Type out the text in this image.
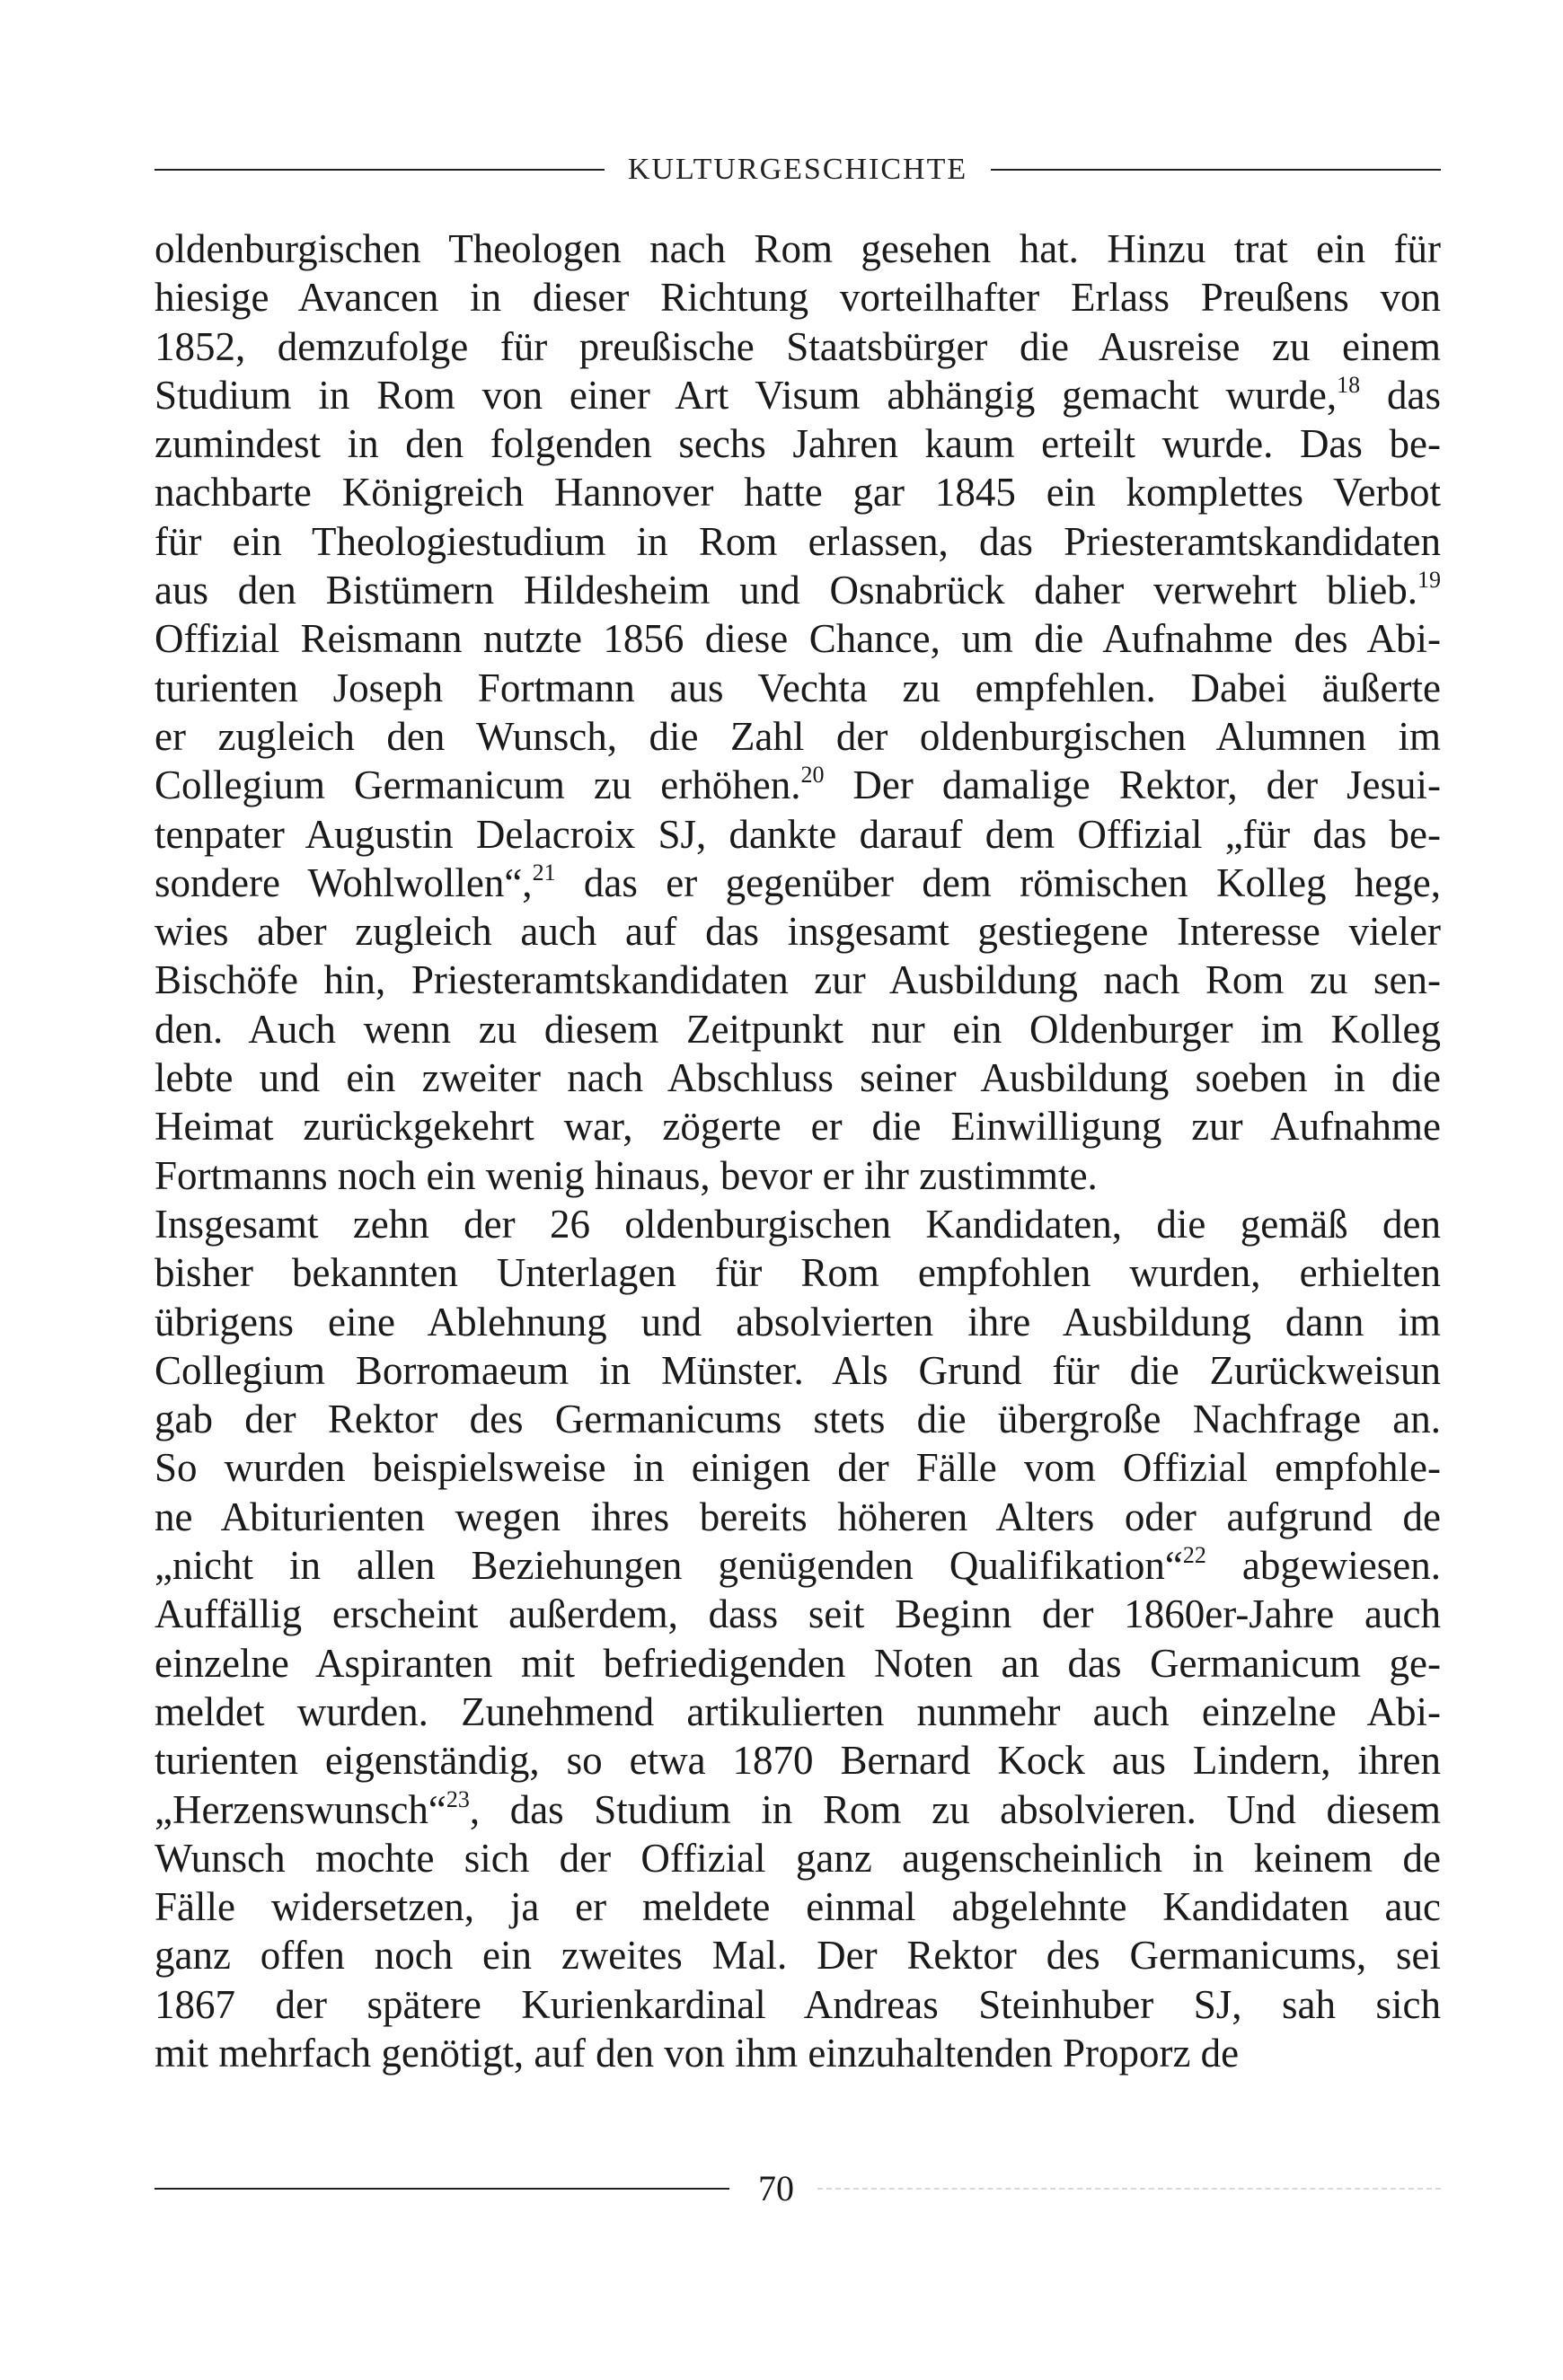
KULTURGESCHICHTE
oldenburgischen Theologen nach Rom gesehen hat. Hinzu trat ein für
hiesige Avancen in dieser Richtung vorteilhafter Erlass Preußens von
1852, demzufolge für preußische Staatsbürger die Ausreise zu einem
Studium in Rom von einer Art Visum abhängig gemacht wurde,$^{18}$ das
zumindest in den folgenden sechs Jahren kaum erteilt wurde. Das be-
nachbarte Königreich Hannover hatte gar 1845 ein komplettes Verbot
für ein Theologiestudium in Rom erlassen, das Priesteramtskandidaten
aus den Bistümern Hildesheim und Osnabrück daher verwehrt blieb.$^{19}$
Offizial Reismann nutzte 1856 diese Chance, um die Aufnahme des Abi-
turienten Joseph Fortmann aus Vechta zu empfehlen. Dabei äußerte
er zugleich den Wunsch, die Zahl der oldenburgischen Alumnen im
Collegium Germanicum zu erhöhen.$^{20}$ Der damalige Rektor, der Jesui-
tenpater Augustin Delacroix SJ, dankte darauf dem Offizial „für das be-
sondere Wohlwollen“,$^{21}$ das er gegenüber dem römischen Kolleg hege,
wies aber zugleich auch auf das insgesamt gestiegene Interesse vieler
Bischöfe hin, Priesteramtskandidaten zur Ausbildung nach Rom zu sen-
den. Auch wenn zu diesem Zeitpunkt nur ein Oldenburger im Kolleg
lebte und ein zweiter nach Abschluss seiner Ausbildung soeben in die
Heimat zurückgekehrt war, zögerte er die Einwilligung zur Aufnahme
Fortmanns noch ein wenig hinaus, bevor er ihr zustimmte.
Insgesamt zehn der 26 oldenburgischen Kandidaten, die gemäß den
bisher bekannten Unterlagen für Rom empfohlen wurden, erhielten
übrigens eine Ablehnung und absolvierten ihre Ausbildung dann im
Collegium Borromaeum in Münster. Als Grund für die Zurückweisun
gab der Rektor des Germanicums stets die übergroße Nachfrage an.
So wurden beispielsweise in einigen der Fälle vom Offizial empfohle-
ne Abiturienten wegen ihres bereits höheren Alters oder aufgrund de
„nicht in allen Beziehungen genügenden Qualifikation“$^{22}$ abgewiesen.
Auffällig erscheint außerdem, dass seit Beginn der 1860er-Jahre auch
einzelne Aspiranten mit befriedigenden Noten an das Germanicum ge-
meldet wurden. Zunehmend artikulierten nunmehr auch einzelne Abi-
turienten eigenständig, so etwa 1870 Bernard Kock aus Lindern, ihren
„Herzenswunsch“$^{23}$, das Studium in Rom zu absolvieren. Und diesem
Wunsch mochte sich der Offizial ganz augenscheinlich in keinem de
Fälle widersetzen, ja er meldete einmal abgelehnte Kandidaten auc
ganz offen noch ein zweites Mal. Der Rektor des Germanicums, sei
1867 der spätere Kurienkardinal Andreas Steinhuber SJ, sah sich
mit mehrfach genötigt, auf den von ihm einzuhaltenden Proporz de
70
